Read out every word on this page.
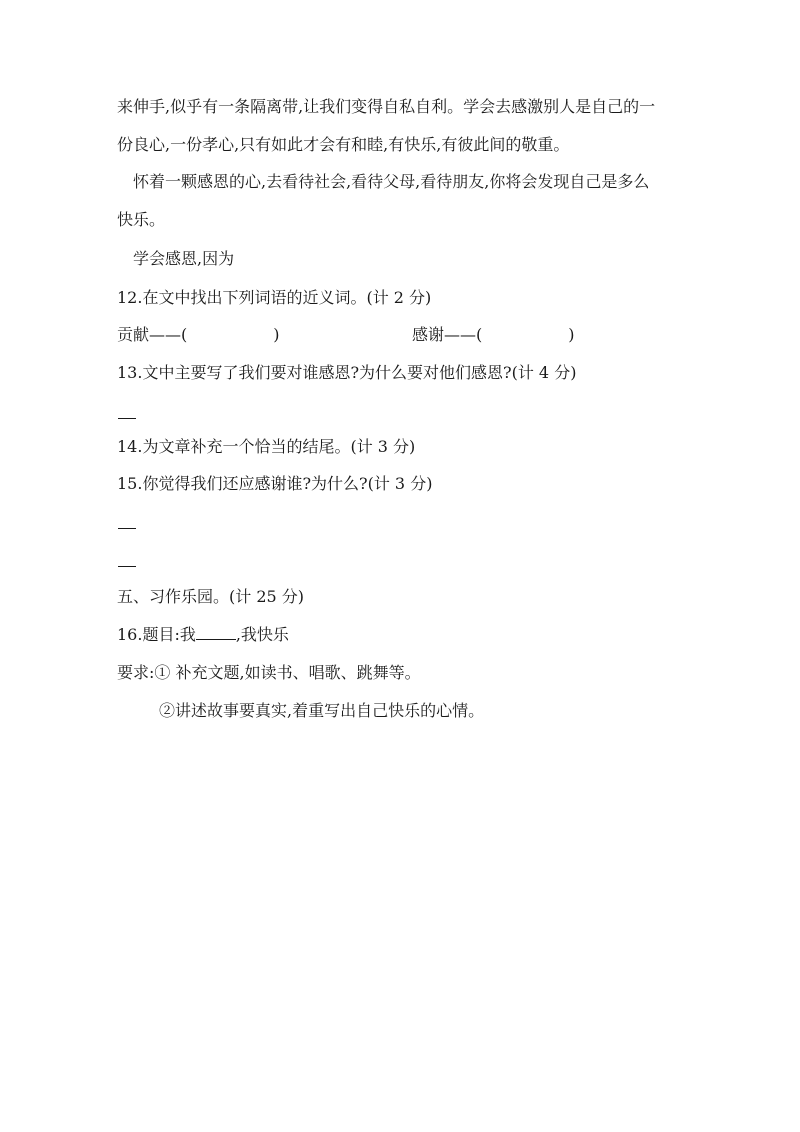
来伸手,似乎有一条隔离带,让我们变得自私自利。学会去感激别人是自己的一
份良心,一份孝心,只有如此才会有和睦,有快乐,有彼此间的敬重。
怀着一颗感恩的心,去看待社会,看待父母,看待朋友,你将会发现自己是多么
快乐。
学会感恩,因为
12.在文中找出下列词语的近义词。(计 2 分)
贡献——(	)	感谢——(	)
13.文中主要写了我们要对谁感恩?为什么要对他们感恩?(计 4 分)
14.为文章补充一个恰当的结尾。(计 3 分)
15.你觉得我们还应感谢谁?为什么?(计 3 分)
五、习作乐园。(计 25 分)
16.题目:我	,我快乐
要求:① 补充文题,如读书、唱歌、跳舞等。
②讲述故事要真实,着重写出自己快乐的心情。
